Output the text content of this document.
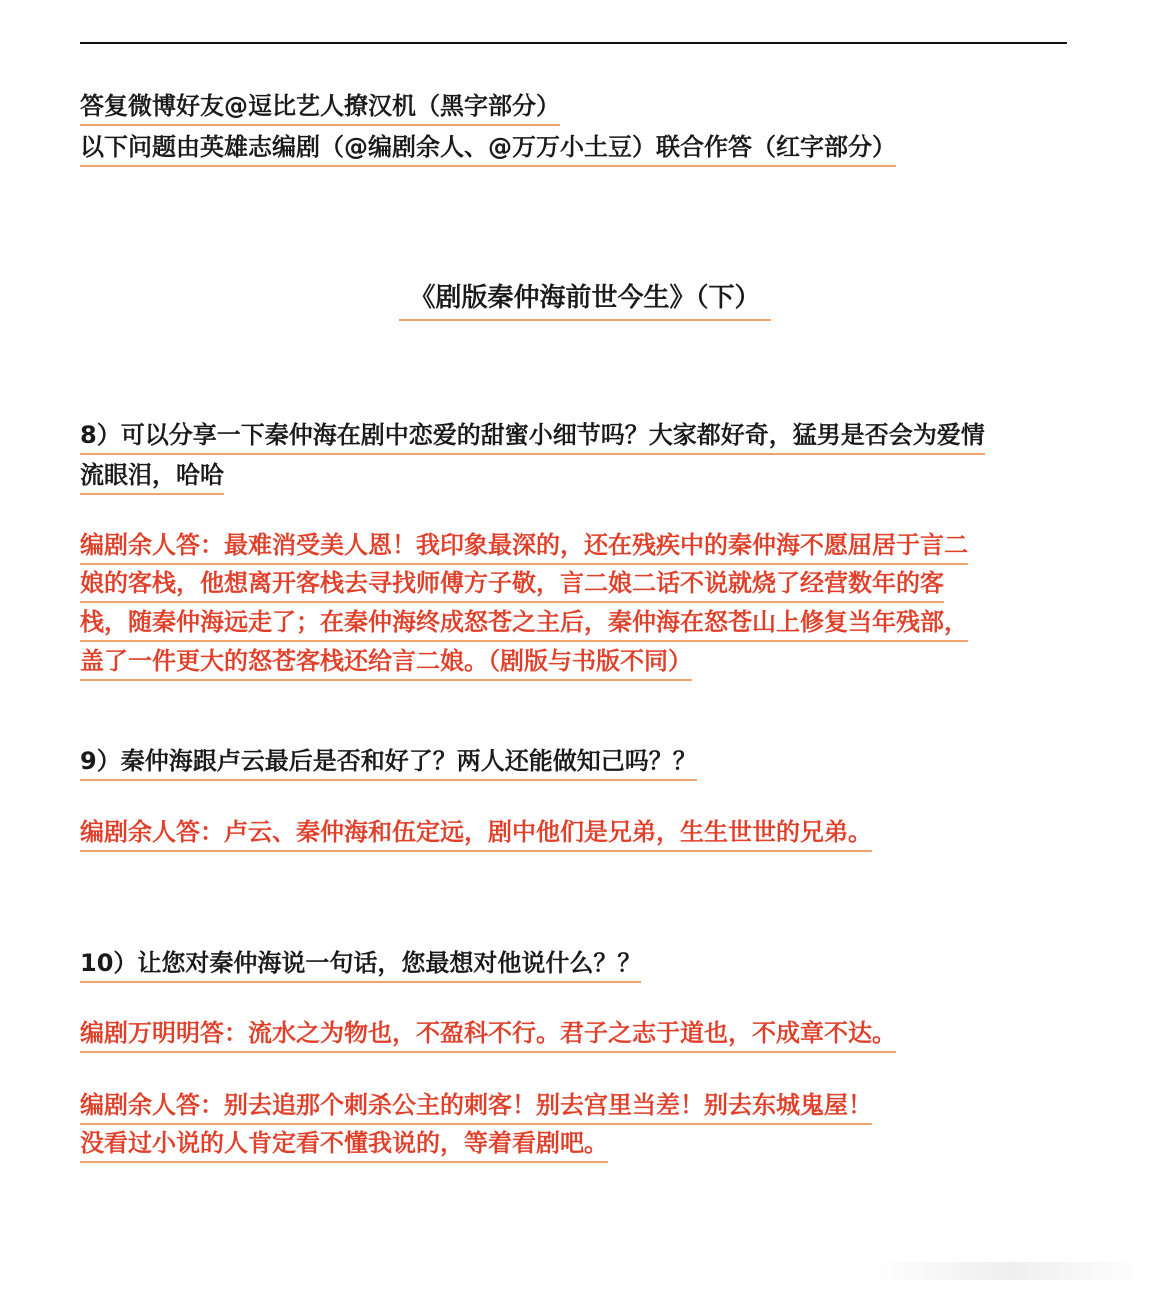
答复微博好友@逗比艺人撩汉机（黑字部分）
以下问题由英雄志编剧（@编剧余人、@万万小土豆）联合作答（红字部分）
《剧版秦仲海前世今生》（下）
8）可以分享一下秦仲海在剧中恋爱的甜蜜小细节吗？大家都好奇，猛男是否会为爱情
流眼泪，哈哈
编剧余人答：最难消受美人恩！我印象最深的，还在残疾中的秦仲海不愿屈居于言二
娘的客栈，他想离开客栈去寻找师傅方子敬，言二娘二话不说就烧了经营数年的客
栈，随秦仲海远走了；在秦仲海终成怒苍之主后，秦仲海在怒苍山上修复当年残部，
盖了一件更大的怒苍客栈还给言二娘。（剧版与书版不同）
9）秦仲海跟卢云最后是否和好了？两人还能做知己吗？？
编剧余人答：卢云、秦仲海和伍定远，剧中他们是兄弟，生生世世的兄弟。
10）让您对秦仲海说一句话，您最想对他说什么？？
编剧万明明答：流水之为物也，不盈科不行。君子之志于道也，不成章不达。
编剧余人答：别去追那个刺杀公主的刺客！别去宫里当差！别去东城鬼屋！
没看过小说的人肯定看不懂我说的，等着看剧吧。
